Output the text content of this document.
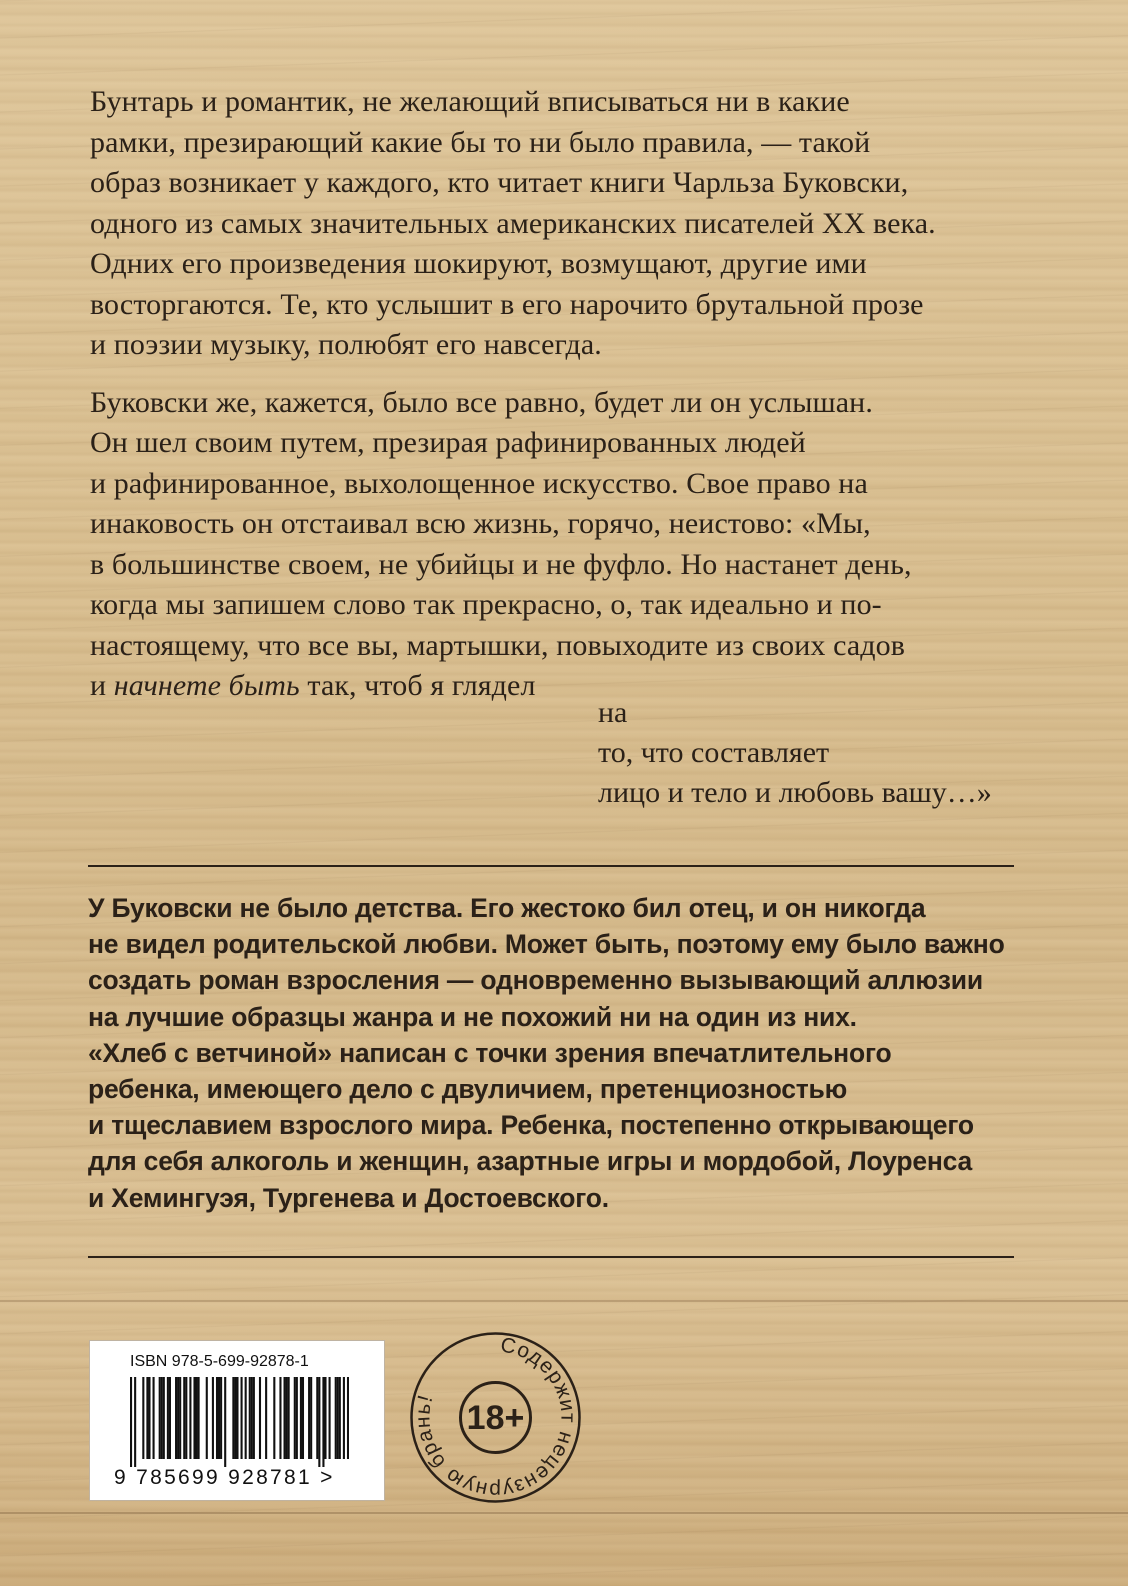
Бунтарь и романтик, не желающий вписываться ни в какие
рамки, презирающий какие бы то ни было правила, — такой
образ возникает у каждого, кто читает книги Чарльза Буковски,
одного из самых значительных американских писателей XX века.
Одних его произведения шокируют, возмущают, другие ими
восторгаются. Те, кто услышит в его нарочито брутальной прозе
и поэзии музыку, полюбят его навсегда.

Буковски же, кажется, было все равно, будет ли он услышан.
Он шел своим путем, презирая рафинированных людей
и рафинированное, выхолощенное искусство. Свое право на
инаковость он отстаивал всю жизнь, горячо, неистово: «Мы,
в большинстве своем, не убийцы и не фуфло. Но настанет день,
когда мы запишем слово так прекрасно, о, так идеально и по-
настоящему, что все вы, мартышки, повыходите из своих садов
и начнете быть так, чтоб я глядел

на
то, что составляет
лицо и тело и любовь вашу…»
У Буковски не было детства. Его жестоко бил отец, и он никогда
не видел родительской любви. Может быть, поэтому ему было важно
создать роман взросления — одновременно вызывающий аллюзии
на лучшие образцы жанра и не похожий ни на один из них.
«Хлеб с ветчиной» написан с точки зрения впечатлительного
ребенка, имеющего дело с двуличием, претенциозностью
и тщеславием взрослого мира. Ребенка, постепенно открывающего
для себя алкоголь и женщин, азартные игры и мордобой, Лоуренса
и Хемингуэя, Тургенева и Достоевского.
ISBN 978-5-699-92878-1
9 785699 928781 >
18+
Содержит нецензурную брань!
